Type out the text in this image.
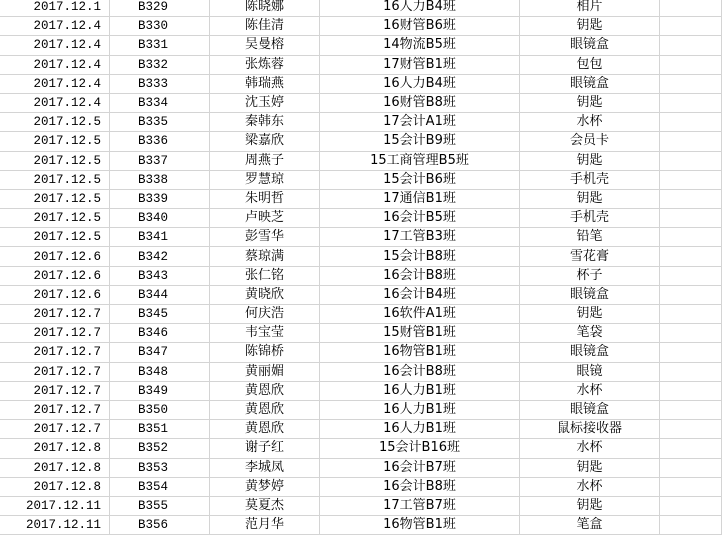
2017.12.1	B329	陈晓娜	16人力B4班	相片
2017.12.4	B330	陈佳清	16财管B6班	钥匙
2017.12.4	B331	吴曼榕	14物流B5班	眼镜盒
2017.12.4	B332	张炼蓉	17财管B1班	包包
2017.12.4	B333	韩瑞燕	16人力B4班	眼镜盒
2017.12.4	B334	沈玉婷	16财管B8班	钥匙
2017.12.5	B335	秦韩东	17会计A1班	水杯
2017.12.5	B336	梁嘉欣	15会计B9班	会员卡
2017.12.5	B337	周燕子	15工商管理B5班	钥匙
2017.12.5	B338	罗慧琼	15会计B6班	手机壳
2017.12.5	B339	朱明哲	17通信B1班	钥匙
2017.12.5	B340	卢映芝	16会计B5班	手机壳
2017.12.5	B341	彭雪华	17工管B3班	铅笔
2017.12.6	B342	蔡琼满	15会计B8班	雪花膏
2017.12.6	B343	张仁铭	16会计B8班	杯子
2017.12.6	B344	黄晓欣	16会计B4班	眼镜盒
2017.12.7	B345	何庆浩	16软件A1班	钥匙
2017.12.7	B346	韦宝莹	15财管B1班	笔袋
2017.12.7	B347	陈锦桥	16物管B1班	眼镜盒
2017.12.7	B348	黄丽媚	16会计B8班	眼镜
2017.12.7	B349	黄恩欣	16人力B1班	水杯
2017.12.7	B350	黄恩欣	16人力B1班	眼镜盒
2017.12.7	B351	黄恩欣	16人力B1班	鼠标接收器
2017.12.8	B352	谢子红	15会计B16班	水杯
2017.12.8	B353	李城凤	16会计B7班	钥匙
2017.12.8	B354	黄梦婷	16会计B8班	水杯
2017.12.11	B355	莫夏杰	17工管B7班	钥匙
2017.12.11	B356	范月华	16物管B1班	笔盒
